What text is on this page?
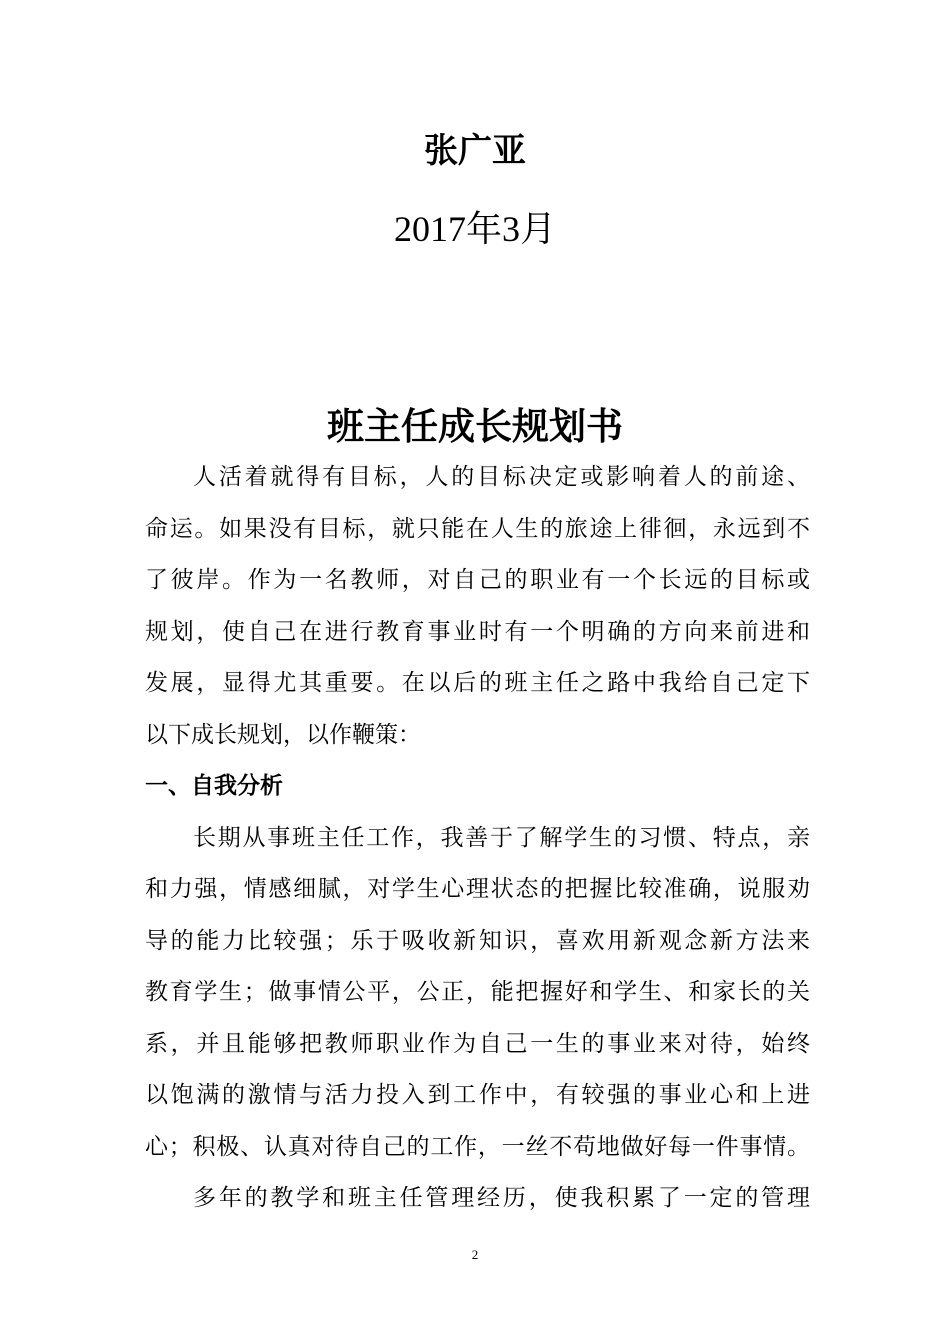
张广亚
2017年3月
班主任成长规划书
人活着就得有目标，人的目标决定或影响着人的前途、
命运。如果没有目标，就只能在人生的旅途上徘徊，永远到不
了彼岸。作为一名教师，对自己的职业有一个长远的目标或
规划，使自己在进行教育事业时有一个明确的方向来前进和
发展，显得尤其重要。在以后的班主任之路中我给自己定下
以下成长规划，以作鞭策：
一、自我分析
长期从事班主任工作，我善于了解学生的习惯、特点，亲
和力强，情感细腻，对学生心理状态的把握比较准确，说服劝
导的能力比较强；乐于吸收新知识，喜欢用新观念新方法来
教育学生；做事情公平，公正，能把握好和学生、和家长的关
系，并且能够把教师职业作为自己一生的事业来对待，始终
以饱满的激情与活力投入到工作中，有较强的事业心和上进
心；积极、认真对待自己的工作，一丝不苟地做好每一件事情。
多年的教学和班主任管理经历，使我积累了一定的管理
2
